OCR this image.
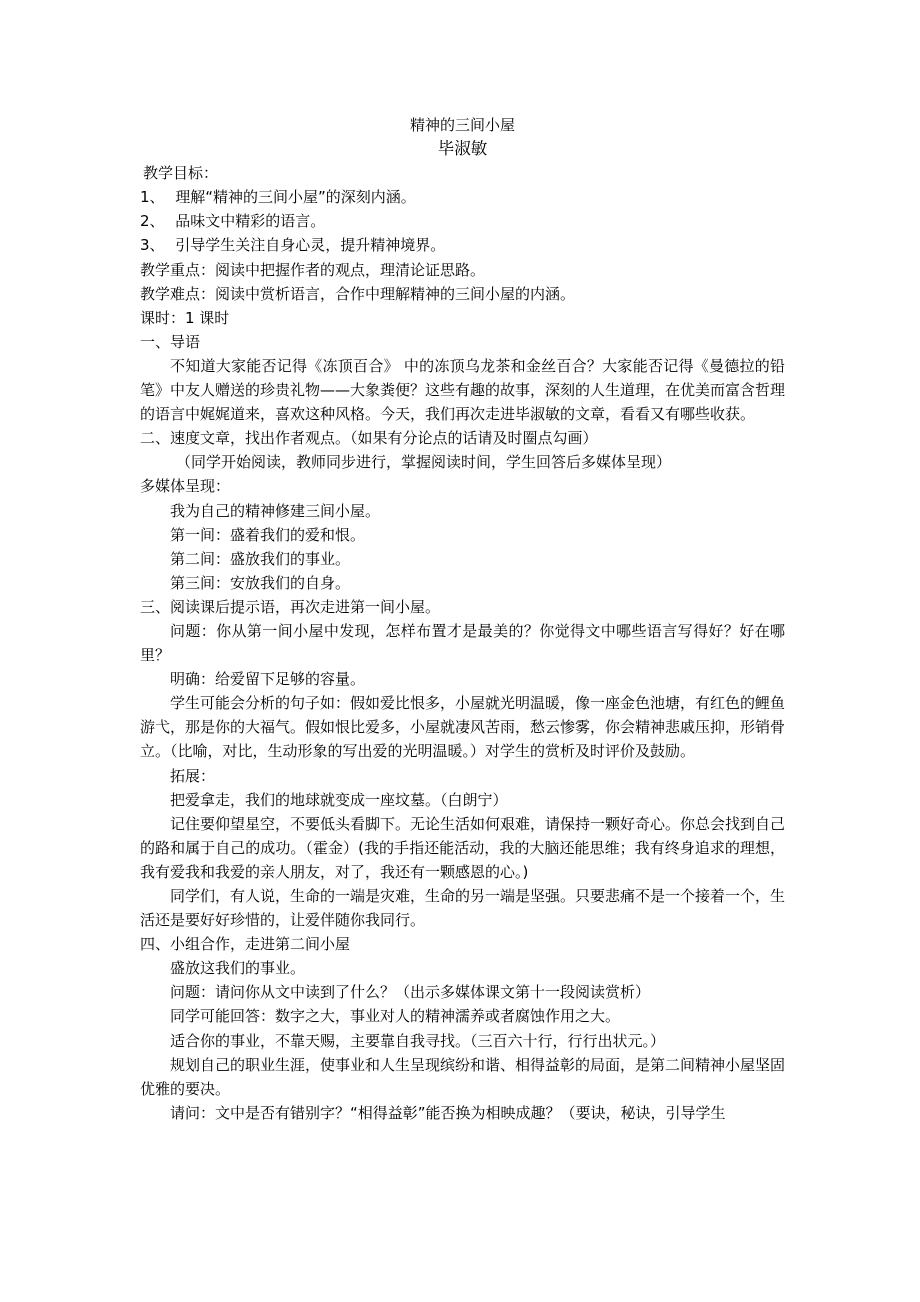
精神的三间小屋

毕淑敏

教学目标：

1、 理解“精神的三间小屋”的深刻内涵。

2、 品味文中精彩的语言。

3、 引导学生关注自身心灵，提升精神境界。

教学重点：阅读中把握作者的观点，理清论证思路。

教学难点：阅读中赏析语言，合作中理解精神的三间小屋的内涵。

课时：1 课时

一、导语

不知道大家能否记得《冻顶百合》 中的冻顶乌龙茶和金丝百合？大家能否记得《曼德拉的铅笔》中友人赠送的珍贵礼物——大象粪便？这些有趣的故事，深刻的人生道理，在优美而富含哲理的语言中娓娓道来，喜欢这种风格。今天，我们再次走进毕淑敏的文章，看看又有哪些收获。

二、速度文章，找出作者观点。（如果有分论点的话请及时圈点勾画）

（同学开始阅读，教师同步进行，掌握阅读时间，学生回答后多媒体呈现）

多媒体呈现：

我为自己的精神修建三间小屋。

第一间：盛着我们的爱和恨。

第二间：盛放我们的事业。

第三间：安放我们的自身。

三、阅读课后提示语，再次走进第一间小屋。

问题：你从第一间小屋中发现，怎样布置才是最美的？你觉得文中哪些语言写得好？好在哪里？

明确：给爱留下足够的容量。

学生可能会分析的句子如：假如爱比恨多，小屋就光明温暖，像一座金色池塘，有红色的鲤鱼游弋，那是你的大福气。假如恨比爱多，小屋就凄风苦雨，愁云惨雾，你会精神悲戚压抑，形销骨立。（比喻，对比，生动形象的写出爱的光明温暖。）对学生的赏析及时评价及鼓励。

拓展：

把爱拿走，我们的地球就变成一座坟墓。（白朗宁）

记住要仰望星空，不要低头看脚下。无论生活如何艰难，请保持一颗好奇心。你总会找到自己的路和属于自己的成功。（霍金）(我的手指还能活动，我的大脑还能思维；我有终身追求的理想，我有爱我和我爱的亲人朋友，对了，我还有一颗感恩的心。)

同学们，有人说，生命的一端是灾难，生命的另一端是坚强。只要悲痛不是一个接着一个，生活还是要好好珍惜的，让爱伴随你我同行。

四、小组合作，走进第二间小屋

盛放这我们的事业。

问题：请问你从文中读到了什么？（出示多媒体课文第十一段阅读赏析）

同学可能回答：数字之大，事业对人的精神濡养或者腐蚀作用之大。

适合你的事业，不靠天赐，主要靠自我寻找。（三百六十行，行行出状元。）

规划自己的职业生涯，使事业和人生呈现缤纷和谐、相得益彰的局面，是第二间精神小屋坚固优雅的要决。

请问：文中是否有错别字？“相得益彰”能否换为相映成趣？（要诀，秘诀，引导学生
